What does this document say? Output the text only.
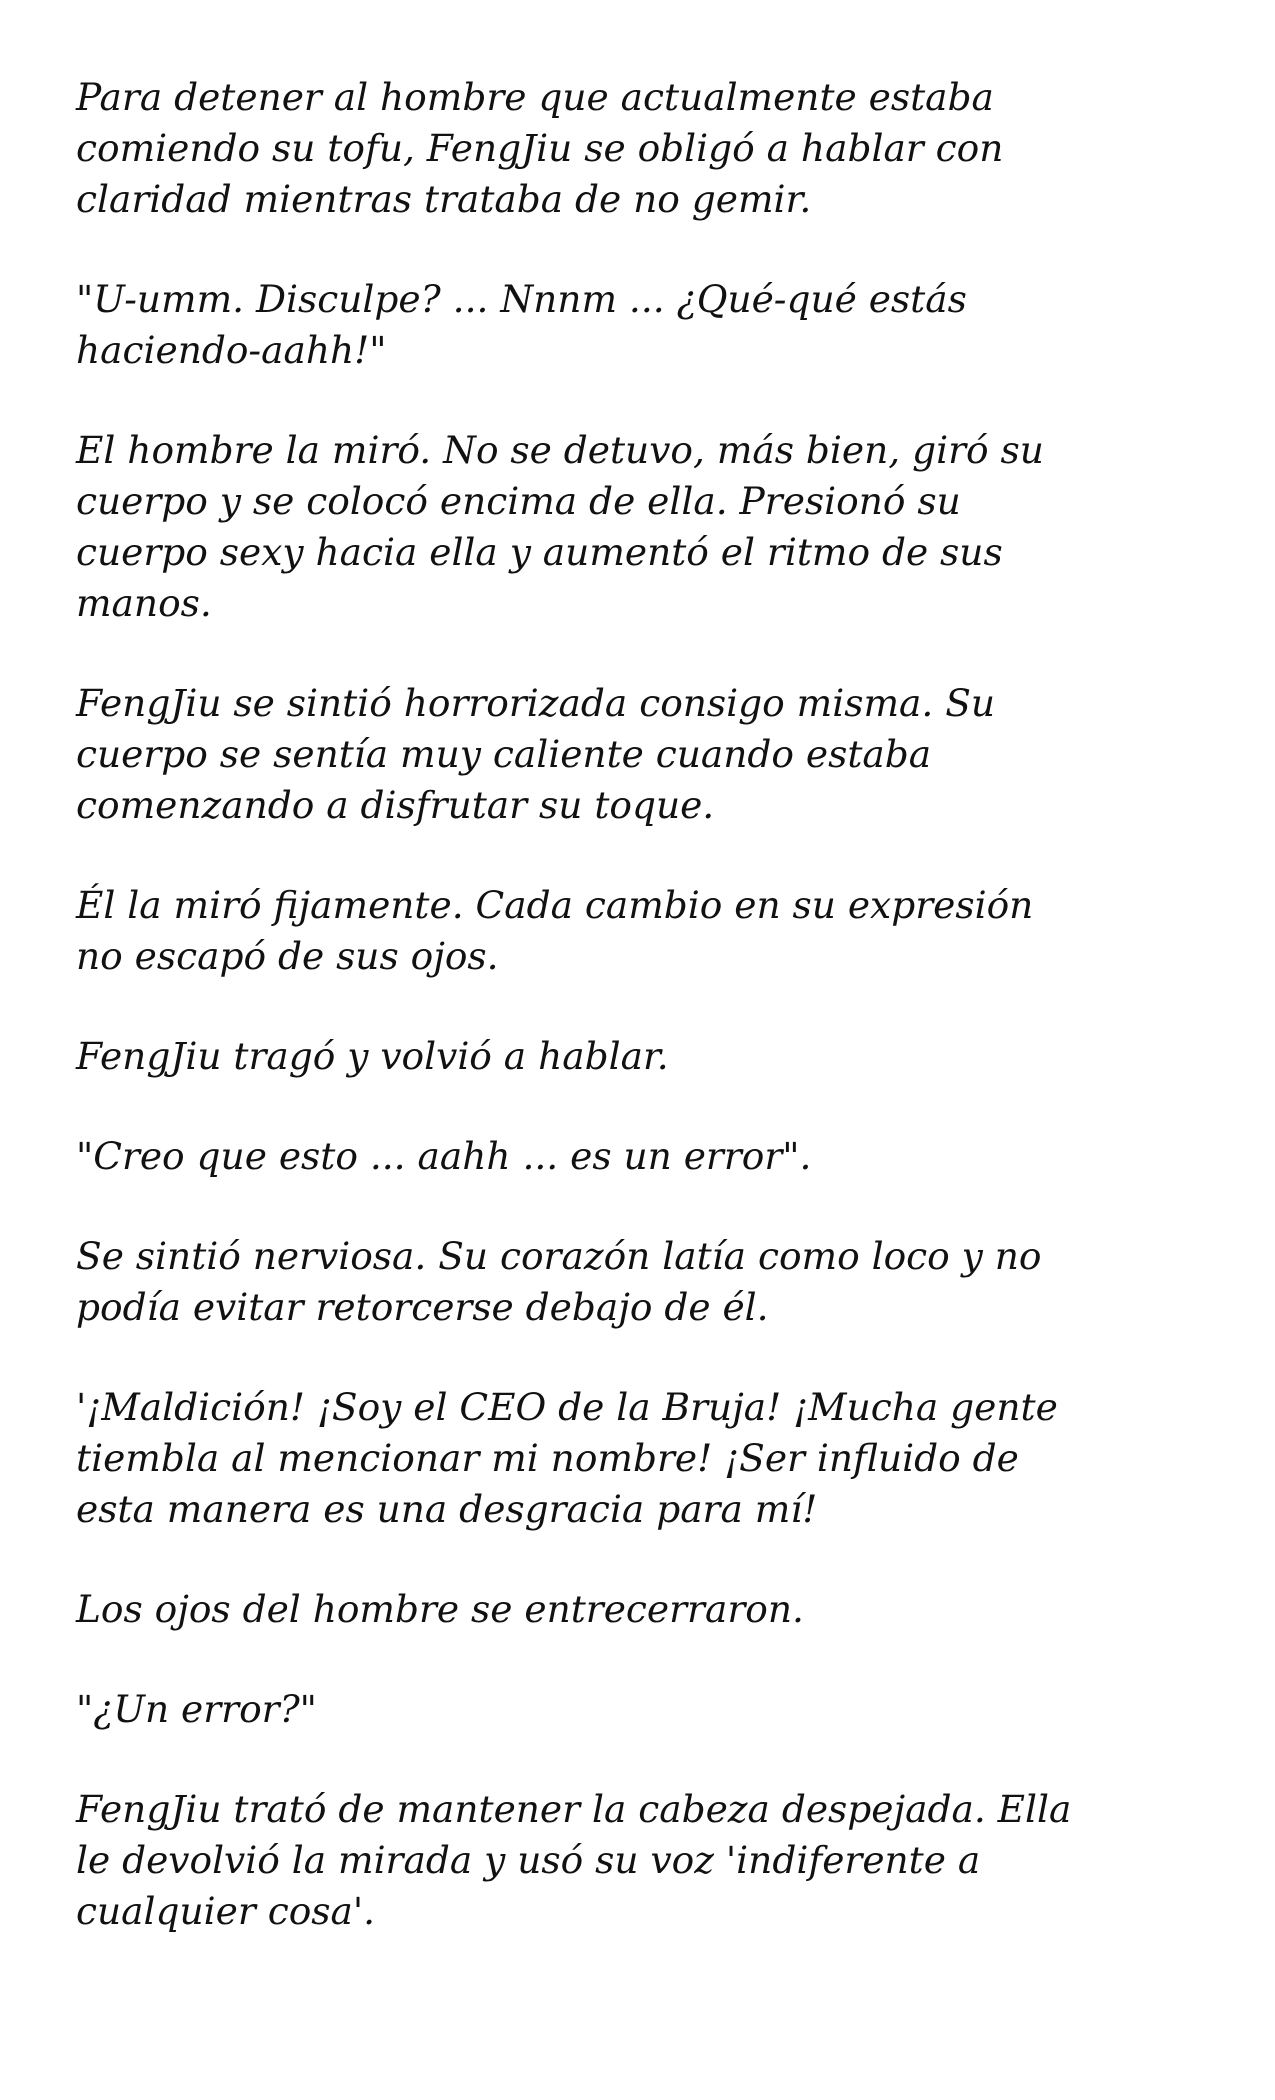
Para detener al hombre que actualmente estaba
comiendo su tofu, FengJiu se obligó a hablar con
claridad mientras trataba de no gemir.

"U-umm. Disculpe? ... Nnnm ... ¿Qué-qué estás
haciendo-aahh!"

El hombre la miró. No se detuvo, más bien, giró su
cuerpo y se colocó encima de ella. Presionó su
cuerpo sexy hacia ella y aumentó el ritmo de sus
manos.

FengJiu se sintió horrorizada consigo misma. Su
cuerpo se sentía muy caliente cuando estaba
comenzando a disfrutar su toque.

Él la miró fijamente. Cada cambio en su expresión
no escapó de sus ojos.

FengJiu tragó y volvió a hablar.

"Creo que esto ... aahh ... es un error".

Se sintió nerviosa. Su corazón latía como loco y no
podía evitar retorcerse debajo de él.

'¡Maldición! ¡Soy el CEO de la Bruja! ¡Mucha gente
tiembla al mencionar mi nombre! ¡Ser influido de
esta manera es una desgracia para mí!

Los ojos del hombre se entrecerraron.

"¿Un error?"

FengJiu trató de mantener la cabeza despejada. Ella
le devolvió la mirada y usó su voz 'indiferente a
cualquier cosa'.
